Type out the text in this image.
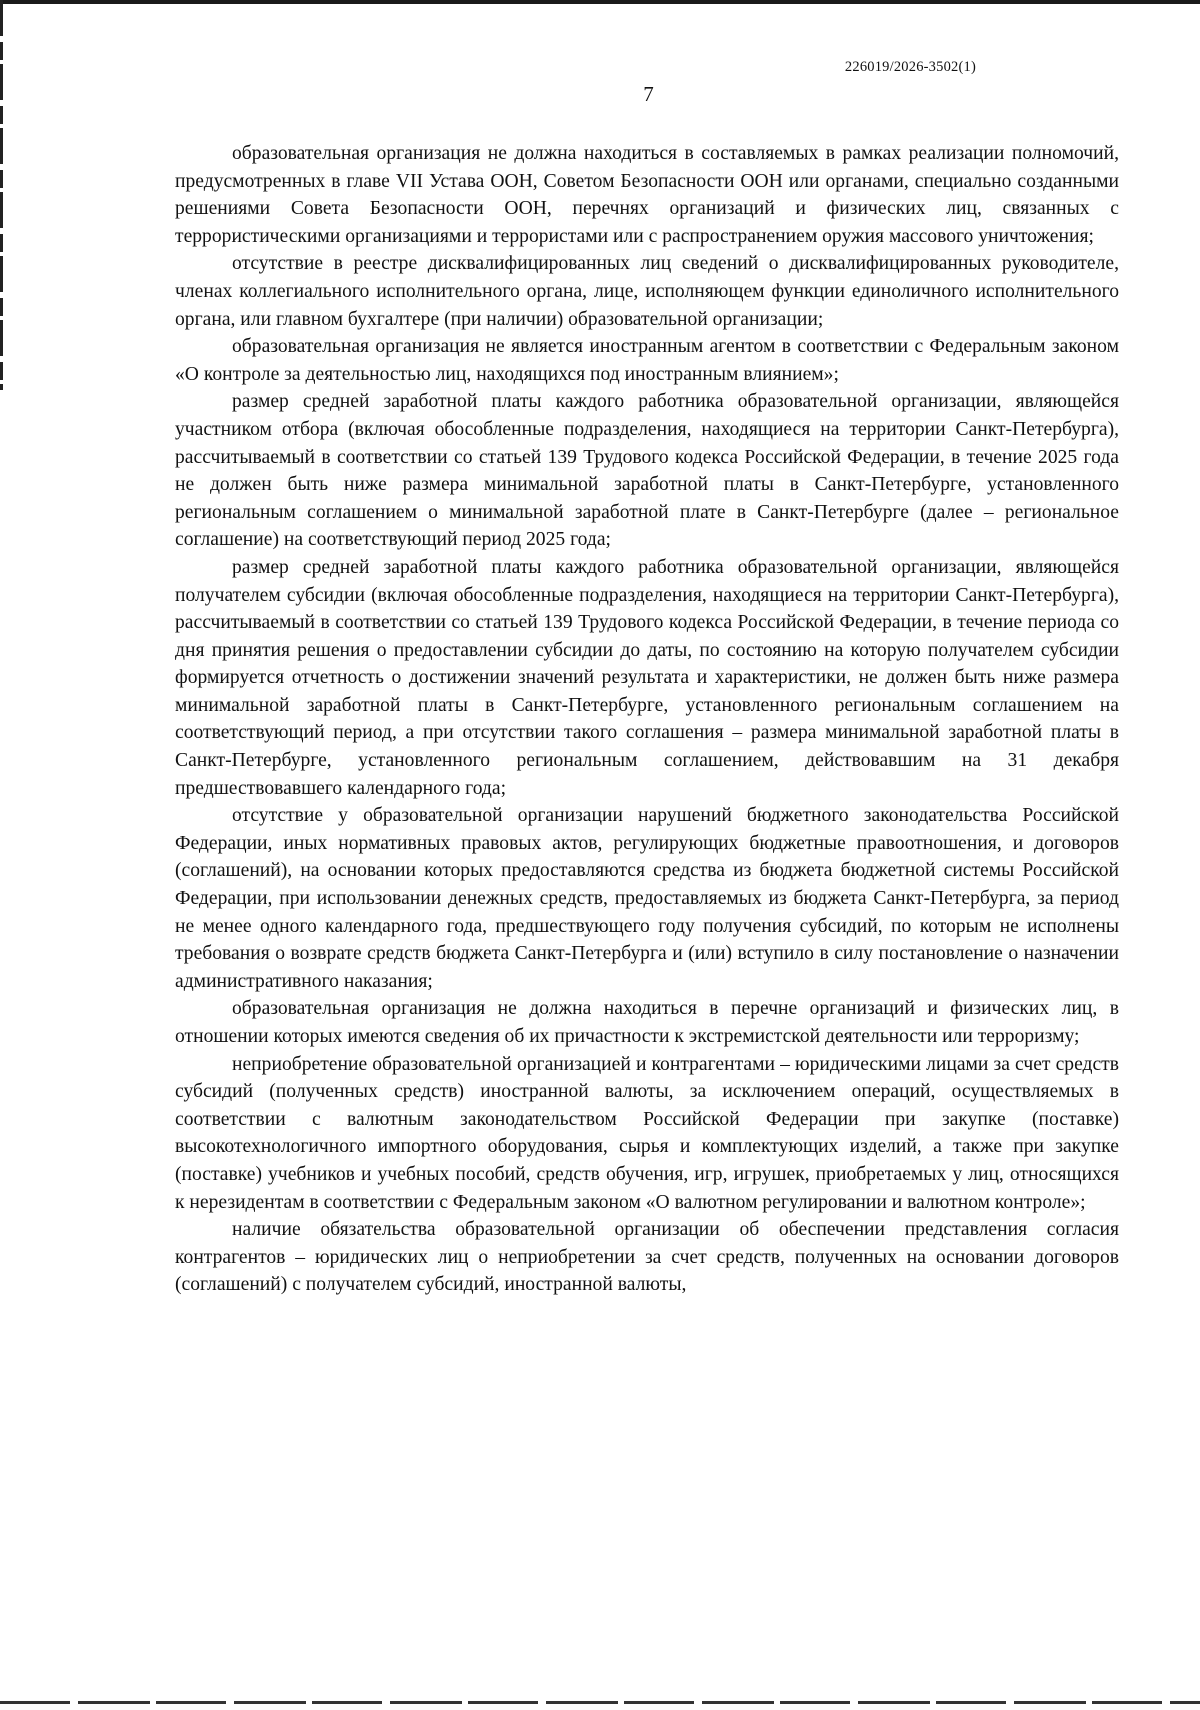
226019/2026-3502(1)
7

образовательная организация не должна находиться в составляемых в рамках реализации полномочий, предусмотренных в главе VII Устава ООН, Советом Безопасности ООН или органами, специально созданными решениями Совета Безопасности ООН, перечнях организаций и физических лиц, связанных с террористическими организациями и террористами или с распространением оружия массового уничтожения;

отсутствие в реестре дисквалифицированных лиц сведений о дисквалифицированных руководителе, членах коллегиального исполнительного органа, лице, исполняющем функции единоличного исполнительного органа, или главном бухгалтере (при наличии) образовательной организации;

образовательная организация не является иностранным агентом в соответствии с Федеральным законом «О контроле за деятельностью лиц, находящихся под иностранным влиянием»;

размер средней заработной платы каждого работника образовательной организации, являющейся участником отбора (включая обособленные подразделения, находящиеся на территории Санкт-Петербурга), рассчитываемый в соответствии со статьей 139 Трудового кодекса Российской Федерации, в течение 2025 года не должен быть ниже размера минимальной заработной платы в Санкт-Петербурге, установленного региональным соглашением о минимальной заработной плате в Санкт-Петербурге (далее – региональное соглашение) на соответствующий период 2025 года;

размер средней заработной платы каждого работника образовательной организации, являющейся получателем субсидии (включая обособленные подразделения, находящиеся на территории Санкт-Петербурга), рассчитываемый в соответствии со статьей 139 Трудового кодекса Российской Федерации, в течение периода со дня принятия решения о предоставлении субсидии до даты, по состоянию на которую получателем субсидии формируется отчетность о достижении значений результата и характеристики, не должен быть ниже размера минимальной заработной платы в Санкт-Петербурге, установленного региональным соглашением на соответствующий период, а при отсутствии такого соглашения – размера минимальной заработной платы в Санкт-Петербурге, установленного региональным соглашением, действовавшим на 31 декабря предшествовавшего календарного года;

отсутствие у образовательной организации нарушений бюджетного законодательства Российской Федерации, иных нормативных правовых актов, регулирующих бюджетные правоотношения, и договоров (соглашений), на основании которых предоставляются средства из бюджета бюджетной системы Российской Федерации, при использовании денежных средств, предоставляемых из бюджета Санкт-Петербурга, за период не менее одного календарного года, предшествующего году получения субсидий, по которым не исполнены требования о возврате средств бюджета Санкт-Петербурга и (или) вступило в силу постановление о назначении административного наказания;

образовательная организация не должна находиться в перечне организаций и физических лиц, в отношении которых имеются сведения об их причастности к экстремистской деятельности или терроризму;

неприобретение образовательной организацией и контрагентами – юридическими лицами за счет средств субсидий (полученных средств) иностранной валюты, за исключением операций, осуществляемых в соответствии с валютным законодательством Российской Федерации при закупке (поставке) высокотехнологичного импортного оборудования, сырья и комплектующих изделий, а также при закупке (поставке) учебников и учебных пособий, средств обучения, игр, игрушек, приобретаемых у лиц, относящихся к нерезидентам в соответствии с Федеральным законом «О валютном регулировании и валютном контроле»;

наличие обязательства образовательной организации об обеспечении представления согласия контрагентов – юридических лиц о неприобретении за счет средств, полученных на основании договоров (соглашений) с получателем субсидий, иностранной валюты,
